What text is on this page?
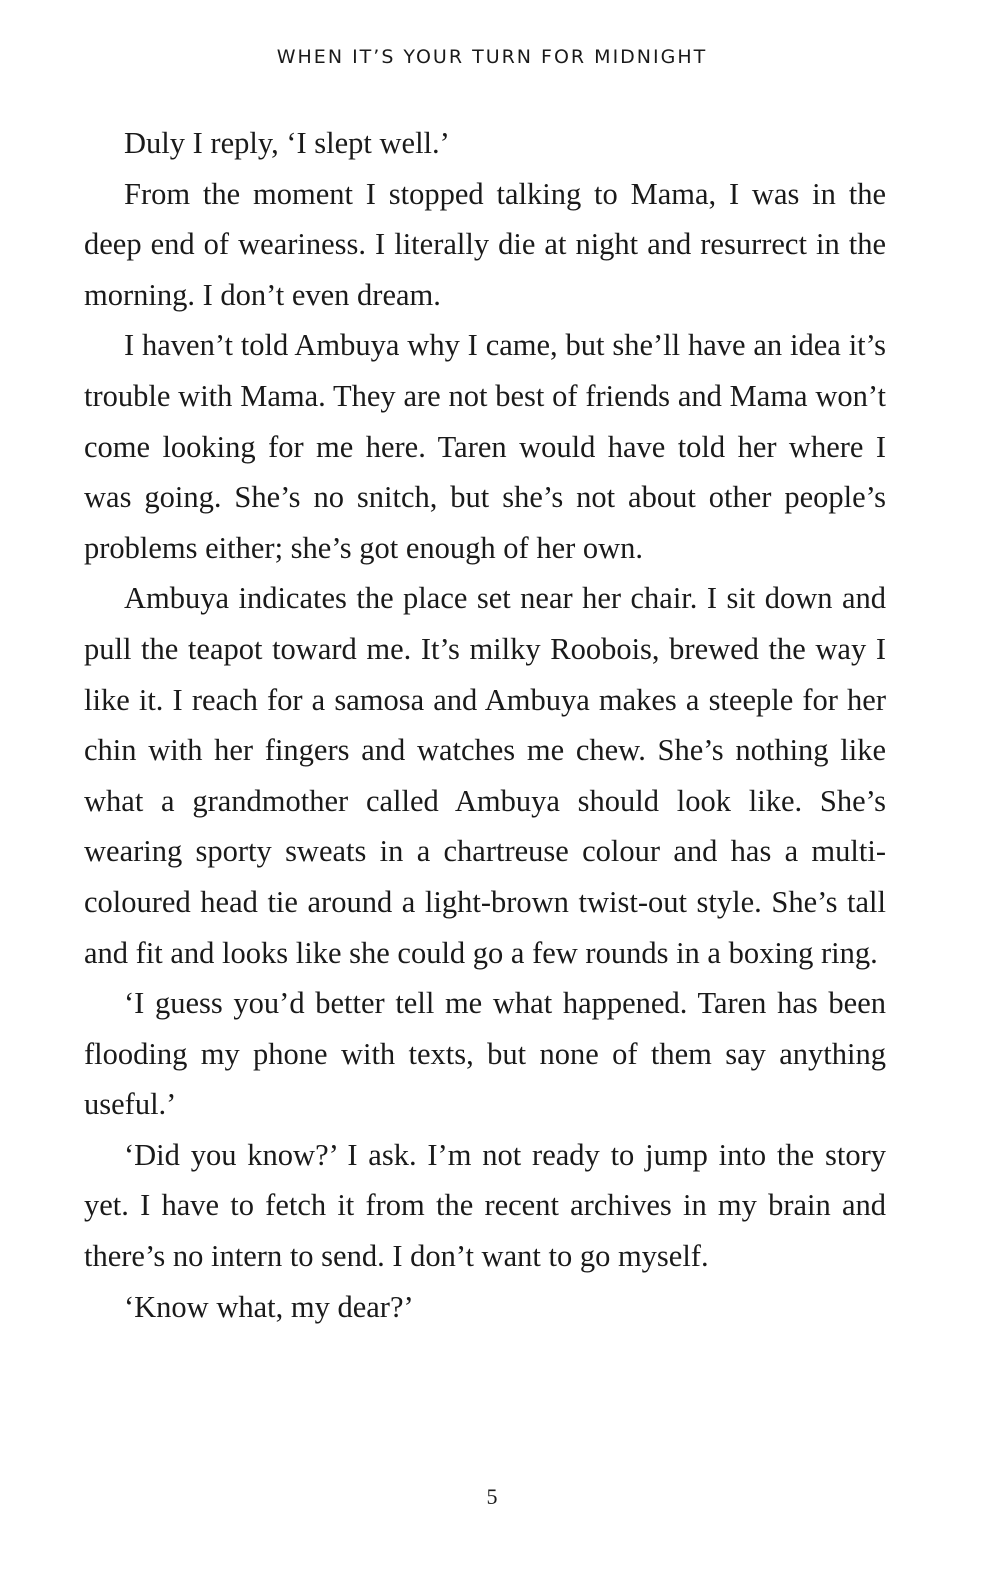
WHEN IT’S YOUR TURN FOR MIDNIGHT

Duly I reply, ‘I slept well.’

From the moment I stopped talking to Mama, I was in the deep end of weariness. I literally die at night and resurrect in the morning. I don’t even dream.

I haven’t told Ambuya why I came, but she’ll have an idea it’s trouble with Mama. They are not best of friends and Mama won’t come looking for me here. Taren would have told her where I was going. She’s no snitch, but she’s not about other people’s problems either; she’s got enough of her own.

Ambuya indicates the place set near her chair. I sit down and pull the teapot toward me. It’s milky Roobois, brewed the way I like it. I reach for a samosa and Ambuya makes a steeple for her chin with her fingers and watches me chew. She’s nothing like what a grandmother called Ambuya should look like. She’s wearing sporty sweats in a chartreuse colour and has a multi-coloured head tie around a light-brown twist-out style. She’s tall and fit and looks like she could go a few rounds in a boxing ring.

‘I guess you’d better tell me what happened. Taren has been flooding my phone with texts, but none of them say anything useful.’

‘Did you know?’ I ask. I’m not ready to jump into the story yet. I have to fetch it from the recent archives in my brain and there’s no intern to send. I don’t want to go myself.

‘Know what, my dear?’

5
